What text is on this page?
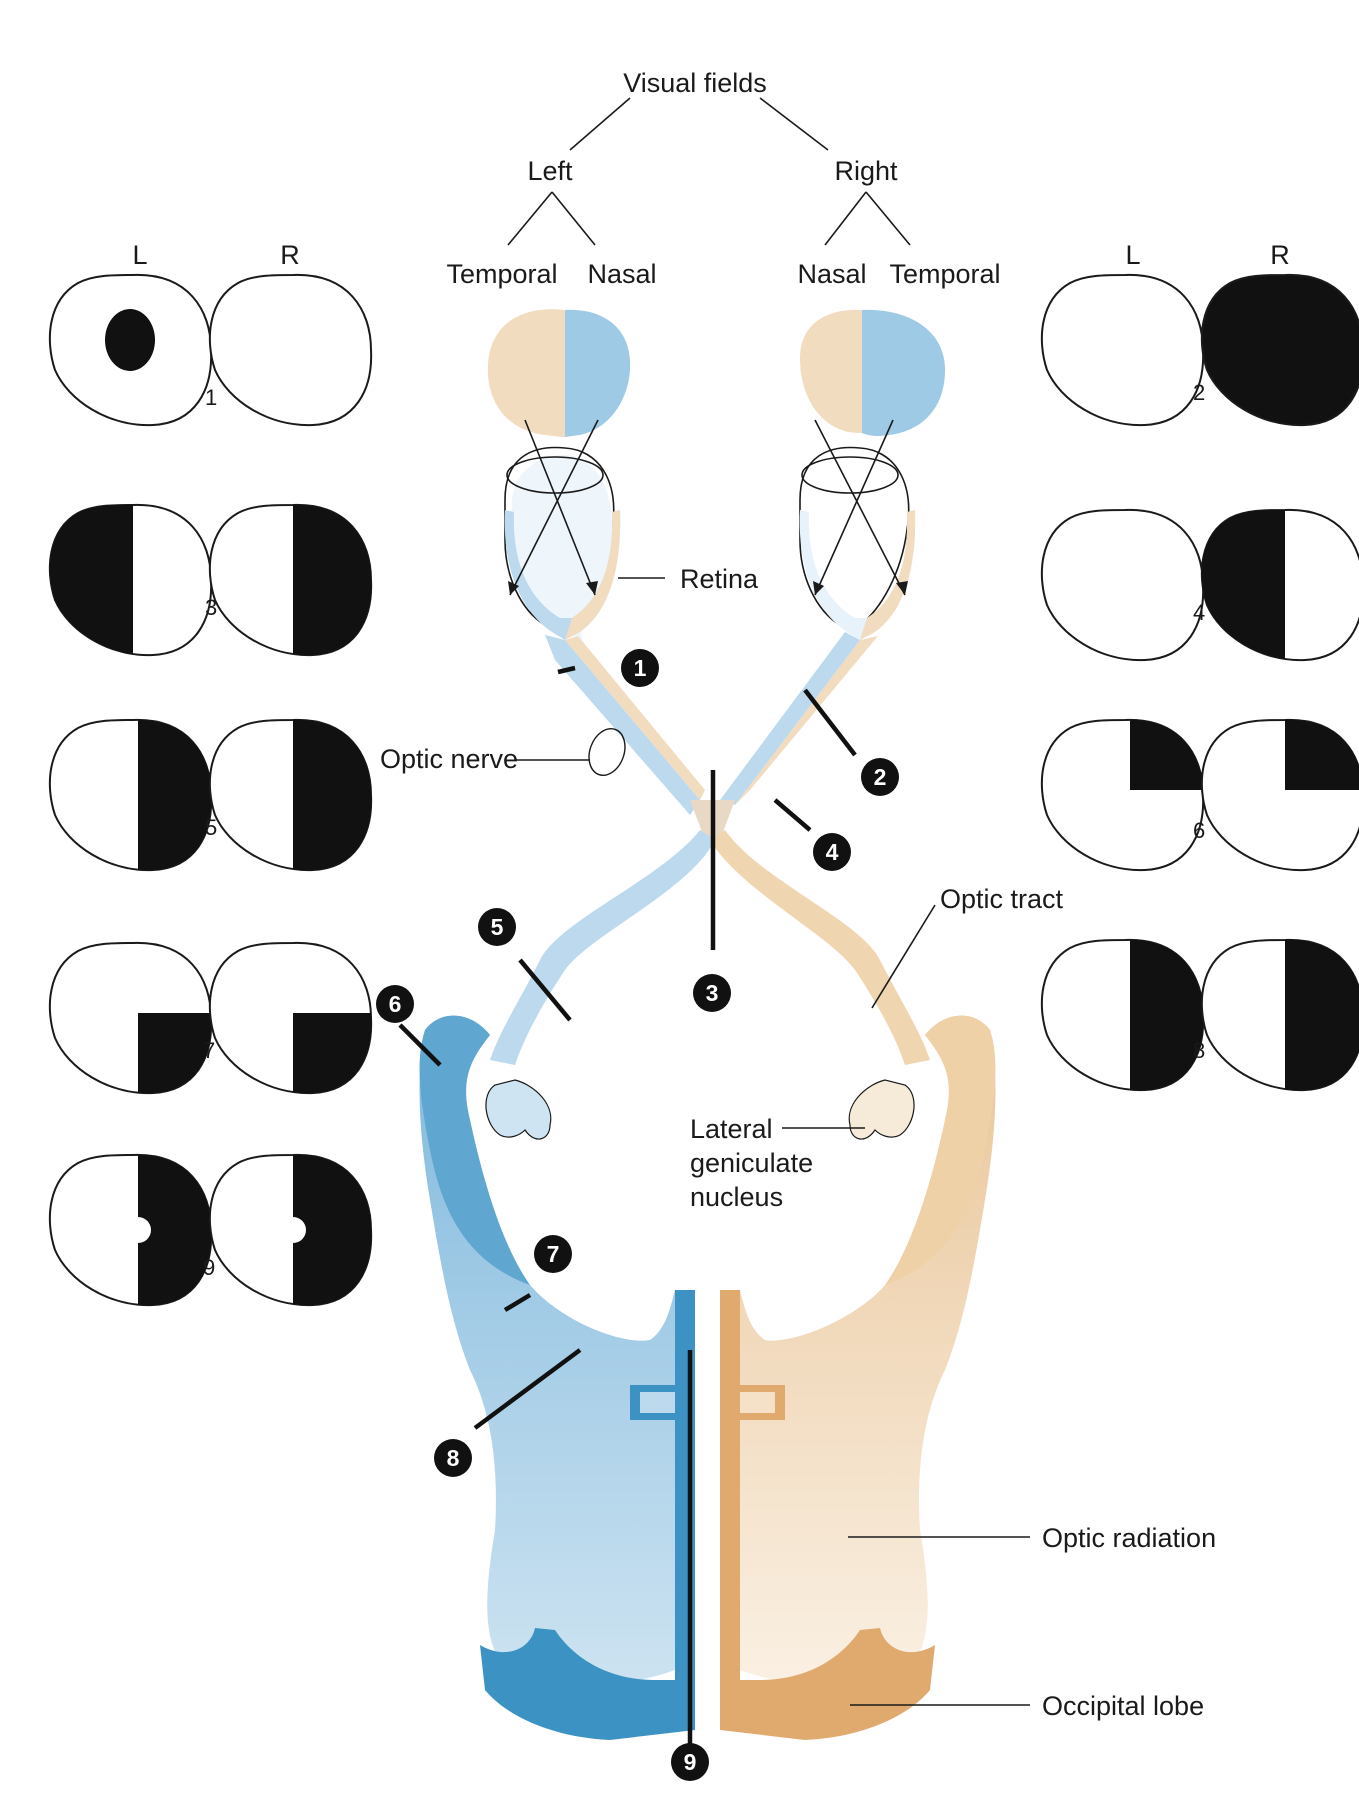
Visual fields
Left	Right
Temporal Nasal	Nasal Temporal
1
2
3
4
5
6
7
8
9
Retina
Optic nerve
Optic tract
Lateral
geniculate
nucleus
Optic radiation
Occipital lobe
L	R	L	R
1
3
5
7
9
2
4
6
8
